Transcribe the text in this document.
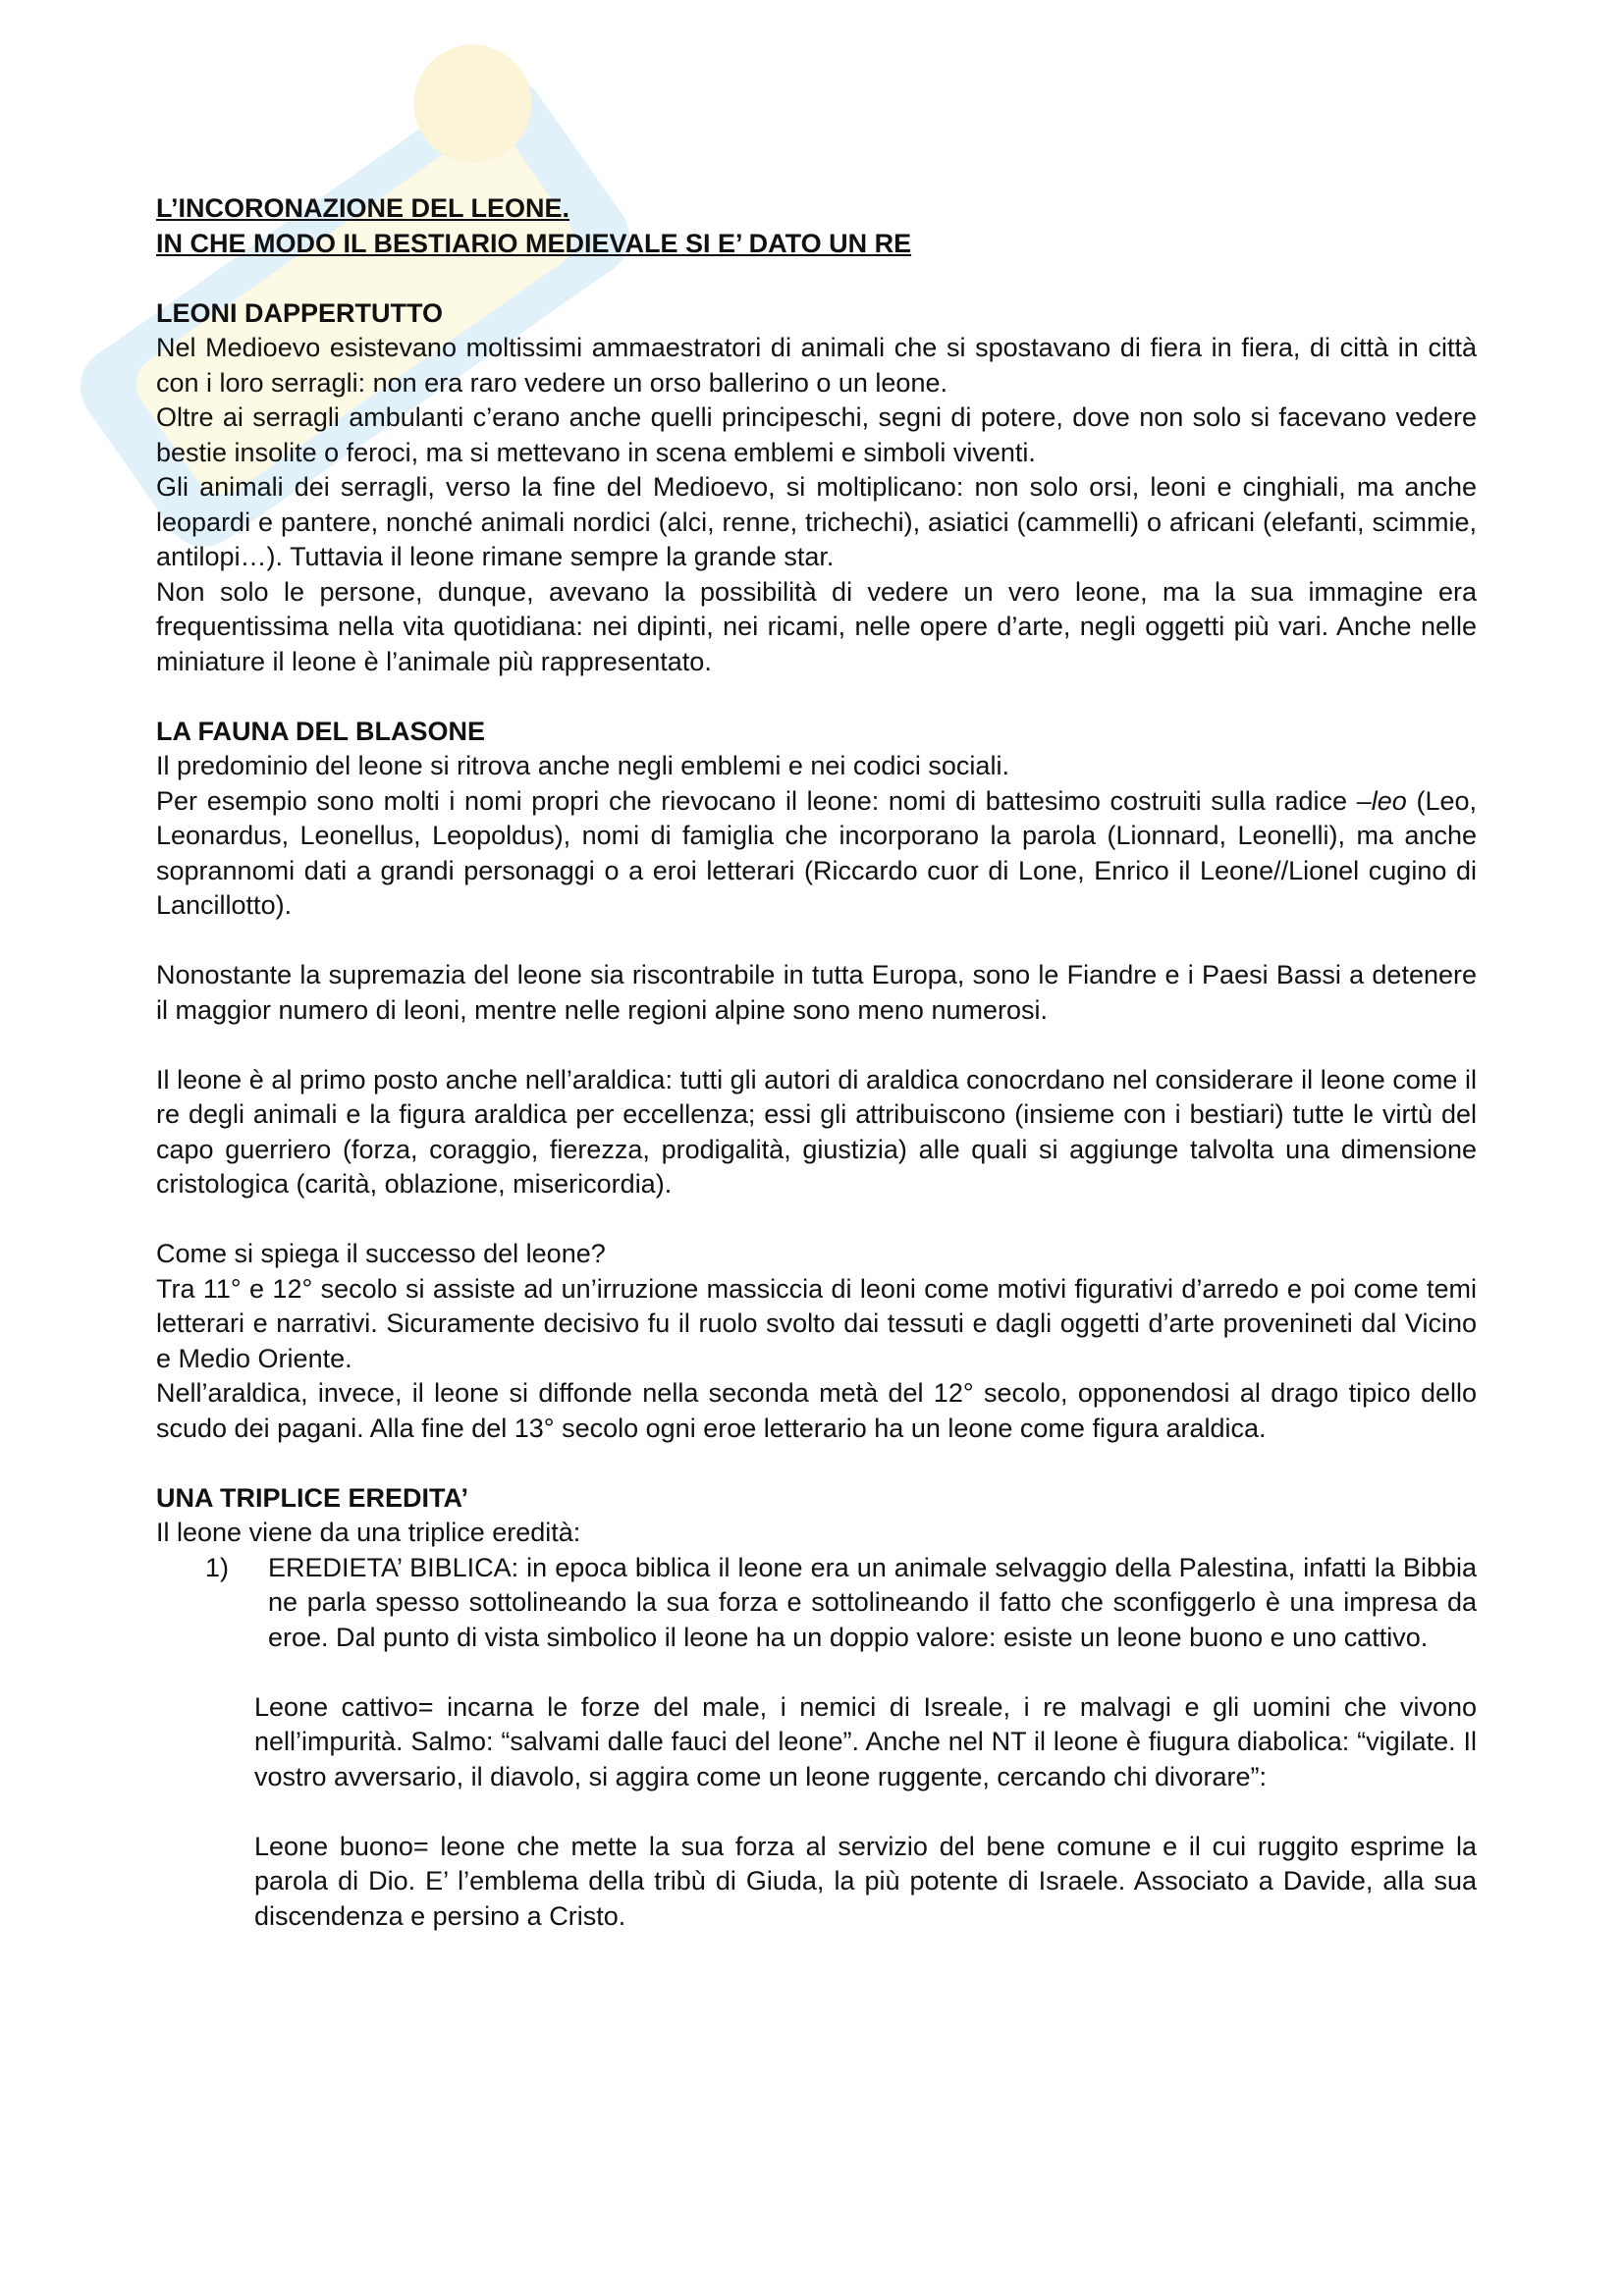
L’INCORONAZIONE DEL LEONE.
IN CHE MODO IL BESTIARIO MEDIEVALE SI E’ DATO UN RE
LEONI DAPPERTUTTO

Nel Medioevo esistevano moltissimi ammaestratori di animali che si spostavano di fiera in fiera, di città in città con i loro serragli: non era raro vedere un orso ballerino o un leone.

Oltre ai serragli ambulanti c’erano anche quelli principeschi, segni di potere, dove non solo si facevano vedere bestie insolite o feroci, ma si mettevano in scena emblemi e simboli viventi.

Gli animali dei serragli, verso la fine del Medioevo, si moltiplicano: non solo orsi, leoni e cinghiali, ma anche leopardi e pantere, nonché animali nordici (alci, renne, trichechi), asiatici (cammelli) o africani (elefanti, scimmie, antilopi…). Tuttavia il leone rimane sempre la grande star.

Non solo le persone, dunque, avevano la possibilità di vedere un vero leone, ma la sua immagine era frequentissima nella vita quotidiana: nei dipinti, nei ricami, nelle opere d’arte, negli oggetti più vari. Anche nelle miniature il leone è l’animale più rappresentato.

LA FAUNA DEL BLASONE

Il predominio del leone si ritrova anche negli emblemi e nei codici sociali.

Per esempio sono molti i nomi propri che rievocano il leone: nomi di battesimo costruiti sulla radice –leo (Leo, Leonardus, Leonellus, Leopoldus), nomi di famiglia che incorporano la parola (Lionnard, Leonelli), ma anche soprannomi dati a grandi personaggi o a eroi letterari (Riccardo cuor di Lone, Enrico il Leone//Lionel cugino di Lancillotto).

Nonostante la supremazia del leone sia riscontrabile in tutta Europa, sono le Fiandre e i Paesi Bassi a detenere il maggior numero di leoni, mentre nelle regioni alpine sono meno numerosi.

Il leone è al primo posto anche nell’araldica: tutti gli autori di araldica conocrdano nel considerare il leone come il re degli animali e la figura araldica per eccellenza; essi gli attribuiscono (insieme con i bestiari) tutte le virtù del capo guerriero (forza, coraggio, fierezza, prodigalità, giustizia) alle quali si aggiunge talvolta una dimensione cristologica (carità, oblazione, misericordia).

Come si spiega il successo del leone?

Tra 11° e 12° secolo si assiste ad un’irruzione massiccia di leoni come motivi figurativi d’arredo e poi come temi letterari e narrativi. Sicuramente decisivo fu il ruolo svolto dai tessuti e dagli oggetti d’arte provenineti dal Vicino e Medio Oriente.

Nell’araldica, invece, il leone si diffonde nella seconda metà del 12° secolo, opponendosi al drago tipico dello scudo dei pagani. Alla fine del 13° secolo ogni eroe letterario ha un leone come figura araldica.

UNA TRIPLICE EREDITA’

Il leone viene da una triplice eredità:

1)	EREDIETA’ BIBLICA: in epoca biblica il leone era un animale selvaggio della Palestina, infatti la Bibbia ne parla spesso sottolineando la sua forza e sottolineando il fatto che sconfiggerlo è una impresa da eroe. Dal punto di vista simbolico il leone ha un doppio valore: esiste un leone buono e uno cattivo.

Leone cattivo= incarna le forze del male, i nemici di Isreale, i re malvagi e gli uomini che vivono nell’impurità. Salmo: “salvami dalle fauci del leone”. Anche nel NT il leone è fiugura diabolica: “vigilate. Il vostro avversario, il diavolo, si aggira come un leone ruggente, cercando chi divorare”:

Leone buono= leone che mette la sua forza al servizio del bene comune e il cui ruggito esprime la parola di Dio. E’ l’emblema della tribù di Giuda, la più potente di Israele. Associato a Davide, alla sua discendenza e persino a Cristo.
